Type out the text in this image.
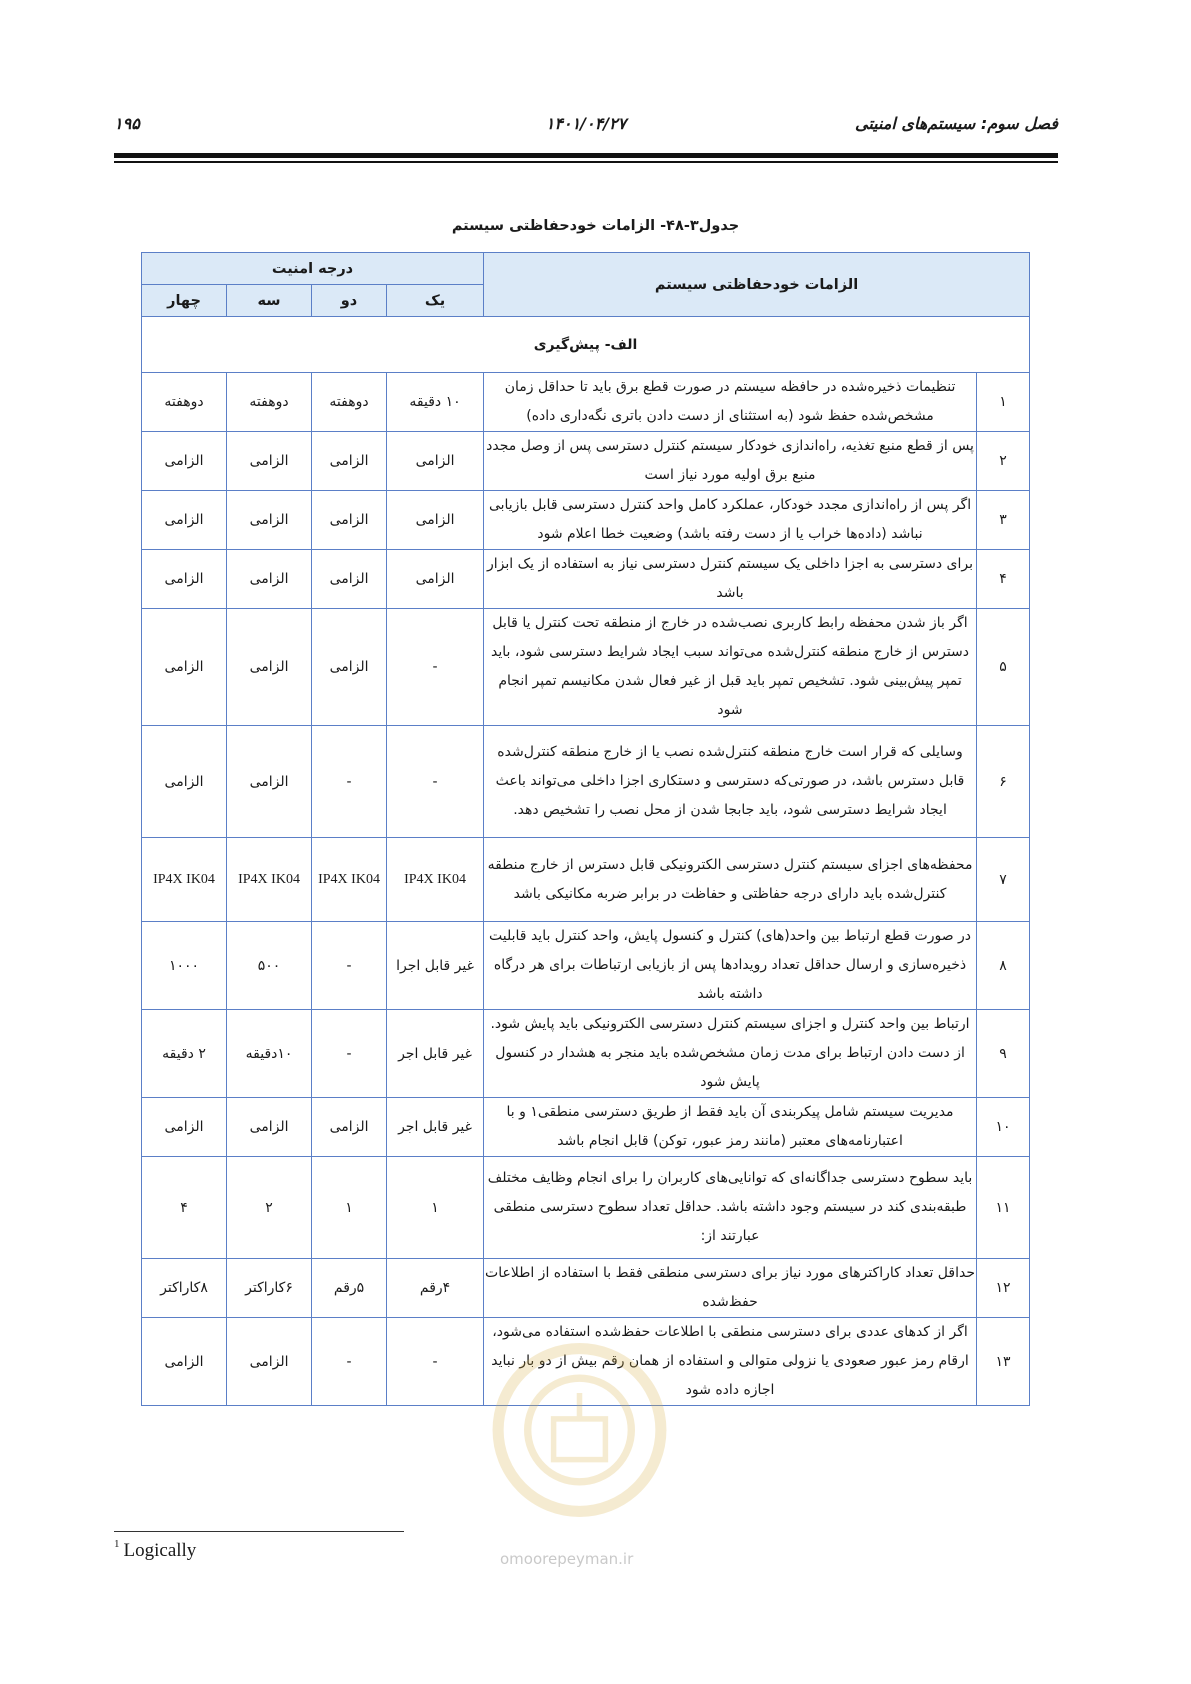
فصل سوم: سیستم‌های امنیتی
۱۴۰۱/۰۴/۲۷
۱۹۵
جدول۳-۴۸- الزامات خودحفاظتی سیستم
الزامات خودحفاظتی سیستم		درجه امنیت			
		یک	دو	سه	چهار
الف- پیش‌گیری					
۱	تنظیمات ذخیره‌شده در حافظه سیستم در صورت قطع برق باید تا حداقل زمان مشخص‌شده حفظ شود (به استثنای از دست دادن باتری نگه‌داری داده)	۱۰ دقیقه	دوهفته	دوهفته	دوهفته
۲	پس از قطع منبع تغذیه، راه‌اندازی خودکار سیستم کنترل دسترسی پس از وصل مجدد منبع برق اولیه مورد نیاز است	الزامی	الزامی	الزامی	الزامی
۳	اگر پس از راه‌اندازی مجدد خودکار، عملکرد کامل واحد کنترل دسترسی قابل بازیابی نباشد (داده‌ها خراب یا از دست رفته باشد) وضعیت خطا اعلام شود	الزامی	الزامی	الزامی	الزامی
۴	برای دسترسی به اجزا داخلی یک سیستم کنترل دسترسی نیاز به استفاده از یک ابزار باشد	الزامی	الزامی	الزامی	الزامی
۵	اگر باز شدن محفظه رابط کاربری نصب‌شده در خارج از منطقه تحت کنترل یا قابل دسترس از خارج منطقه کنترل‌شده می‌تواند سبب ایجاد شرایط دسترسی شود، باید تمپر پیش‌بینی شود. تشخیص تمپر باید قبل از غیر فعال شدن مکانیسم تمپر انجام شود	-	الزامی	الزامی	الزامی
۶	وسایلی که قرار است خارج منطقه کنترل‌شده نصب یا از خارج منطقه کنترل‌شده قابل دسترس باشد، در صورتی‌که دسترسی و دستکاری اجزا داخلی می‌تواند باعث ایجاد شرایط دسترسی شود، باید جابجا شدن از محل نصب را تشخیص دهد.	-	-	الزامی	الزامی
۷	محفظه‌های اجزای سیستم کنترل دسترسی الکترونیکی قابل دسترس از خارج منطقه کنترل‌شده باید دارای درجه حفاظتی و حفاظت در برابر ضربه مکانیکی باشد	IP4X IK04	IP4X IK04	IP4X IK04	IP4X IK04
۸	در صورت قطع ارتباط بین واحد(های) کنترل و کنسول پایش، واحد کنترل باید قابلیت ذخیره‌سازی و ارسال حداقل تعداد رویدادها پس از بازیابی ارتباطات برای هر درگاه داشته باشد	غیر قابل اجرا	-	۵۰۰	۱۰۰۰
۹	ارتباط بین واحد کنترل و اجزای سیستم کنترل دسترسی الکترونیکی باید پایش شود. از دست دادن ارتباط برای مدت زمان مشخص‌شده باید منجر به هشدار در کنسول پایش شود	غیر قابل اجر	-	۱۰دقیقه	۲ دقیقه
۱۰	مدیریت سیستم شامل پیکربندی آن باید فقط از طریق دسترسی منطقی۱ و با اعتبارنامه‌های معتبر (مانند رمز عبور، توکن) قابل انجام باشد	غیر قابل اجر	الزامی	الزامی	الزامی
۱۱	باید سطوح دسترسی جداگانه‌ای که توانایی‌های کاربران را برای انجام وظایف مختلف طبقه‌بندی کند در سیستم وجود داشته باشد. حداقل تعداد سطوح دسترسی منطقی عبارتند از:	۱	۱	۲	۴
۱۲	حداقل تعداد کاراکترهای مورد نیاز برای دسترسی منطقی فقط با استفاده از اطلاعات حفظ‌شده	۴رقم	۵رقم	۶کاراکتر	۸کاراکتر
۱۳	اگر از کدهای عددی برای دسترسی منطقی با اطلاعات حفظ‌شده استفاده می‌شود، ارقام رمز عبور صعودی یا نزولی متوالی و استفاده از همان رقم بیش از دو بار نباید اجازه داده شود	-	-	الزامی	الزامی
$^1$ Logically	omoorepeyman.ir
